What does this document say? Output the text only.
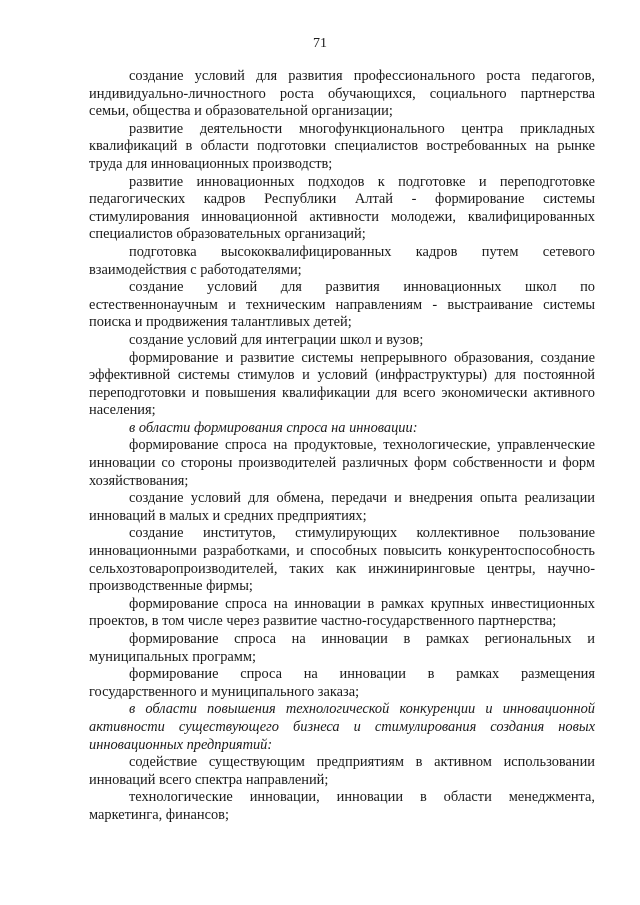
71

создание условий для развития профессионального роста педагогов, индивидуально-личностного роста обучающихся, социального партнерства семьи, общества и образовательной организации;

развитие деятельности многофункционального центра прикладных квалификаций в области подготовки специалистов востребованных на рынке труда для инновационных производств;

развитие инновационных подходов к подготовке и переподготовке педагогических кадров Республики Алтай - формирование системы стимулирования инновационной активности молодежи, квалифицированных специалистов образовательных организаций;

подготовка высококвалифицированных кадров путем сетевого взаимодействия с работодателями;

создание условий для развития инновационных школ по естественнонаучным и техническим направлениям - выстраивание системы поиска и продвижения талантливых детей;

создание условий для интеграции школ и вузов;

формирование и развитие системы непрерывного образования, создание эффективной системы стимулов и условий (инфраструктуры) для постоянной переподготовки и повышения квалификации для всего экономически активного населения;

в области формирования спроса на инновации:

формирование спроса на продуктовые, технологические, управленческие инновации со стороны производителей различных форм собственности и форм хозяйствования;

создание условий для обмена, передачи и внедрения опыта реализации инноваций в малых и средних предприятиях;

создание институтов, стимулирующих коллективное пользование инновационными разработками, и способных повысить конкурентоспособность сельхозтоваропроизводителей, таких как инжиниринговые центры, научно-производственные фирмы;

формирование спроса на инновации в рамках крупных инвестиционных проектов, в том числе через развитие частно-государственного партнерства;

формирование спроса на инновации в рамках региональных и муниципальных программ;

формирование спроса на инновации в рамках размещения государственного и муниципального заказа;

в области повышения технологической конкуренции и инновационной активности существующего бизнеса и стимулирования создания новых инновационных предприятий:

содействие существующим предприятиям в активном использовании инноваций всего спектра направлений;

технологические инновации, инновации в области менеджмента, маркетинга, финансов;
